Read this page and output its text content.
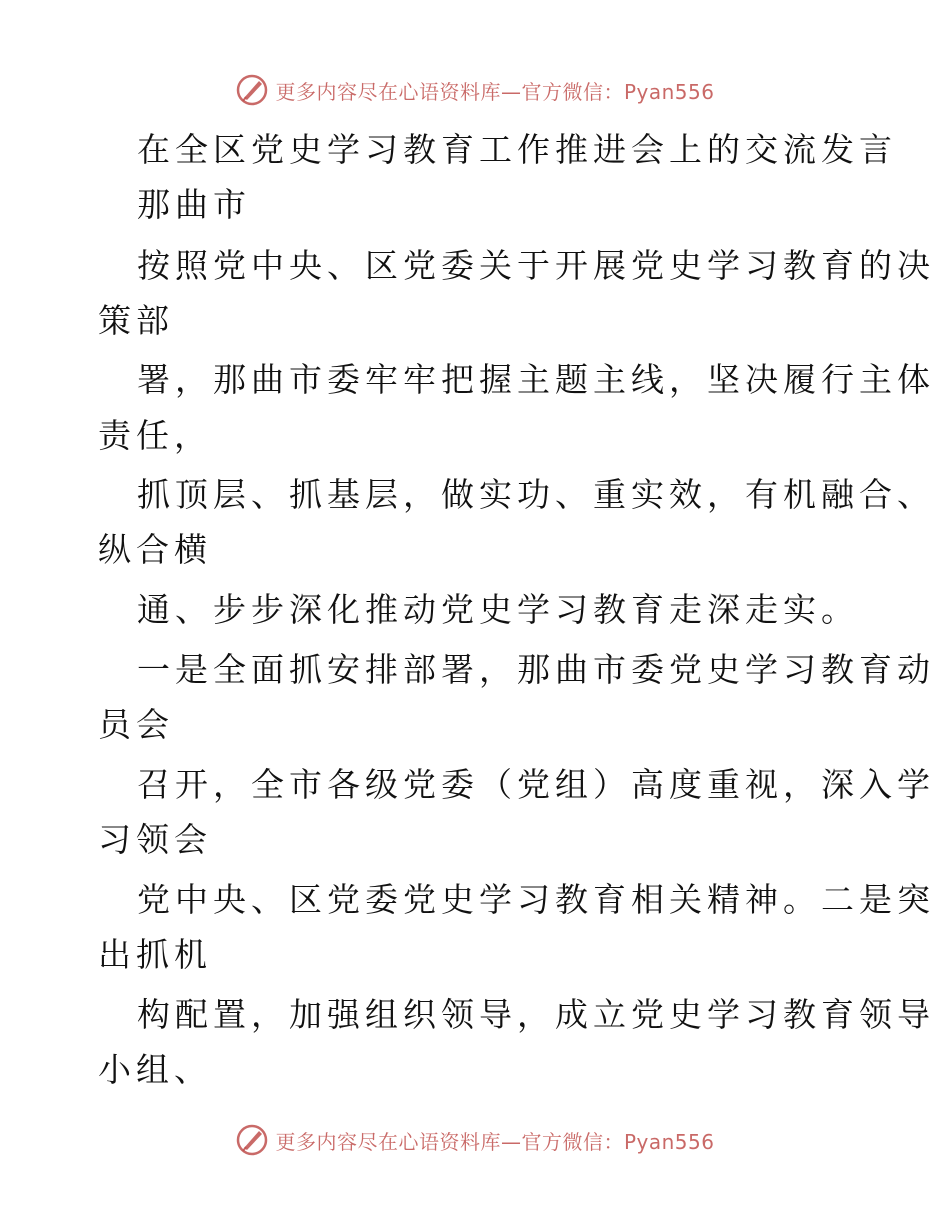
更多内容尽在心语资料库—官方微信：Pyan556
在全区党史学习教育工作推进会上的交流发言
那曲市
按照党中央、区党委关于开展党史学习教育的决
策部
署，那曲市委牢牢把握主题主线，坚决履行主体
责任，
抓顶层、抓基层，做实功、重实效，有机融合、
纵合横
通、步步深化推动党史学习教育走深走实。
一是全面抓安排部署，那曲市委党史学习教育动
员会
召开，全市各级党委（党组）高度重视，深入学
习领会
党中央、区党委党史学习教育相关精神。二是突
出抓机
构配置，加强组织领导，成立党史学习教育领导
小组、
更多内容尽在心语资料库—官方微信：Pyan556
